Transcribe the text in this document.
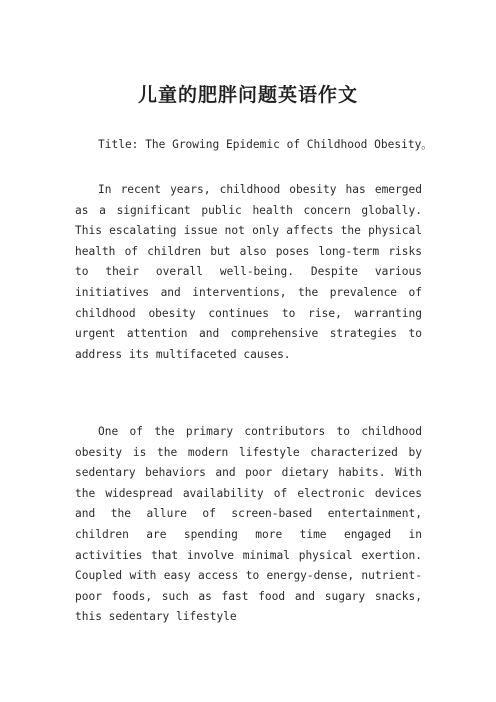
儿童的肥胖问题英语作文
Title: The Growing Epidemic of Childhood Obesity。
In recent years, childhood obesity has emerged as a significant public health concern globally. This escalating issue not only affects the physical health of children but also poses long-term risks to their overall well-being. Despite various initiatives and interventions, the prevalence of childhood obesity continues to rise, warranting urgent attention and comprehensive strategies to address its multifaceted causes.
One of the primary contributors to childhood obesity is the modern lifestyle characterized by sedentary behaviors and poor dietary habits. With the widespread availability of electronic devices and the allure of screen-based entertainment, children are spending more time engaged in activities that involve minimal physical exertion. Coupled with easy access to energy-dense, nutrient-poor foods, such as fast food and sugary snacks, this sedentary lifestyle
